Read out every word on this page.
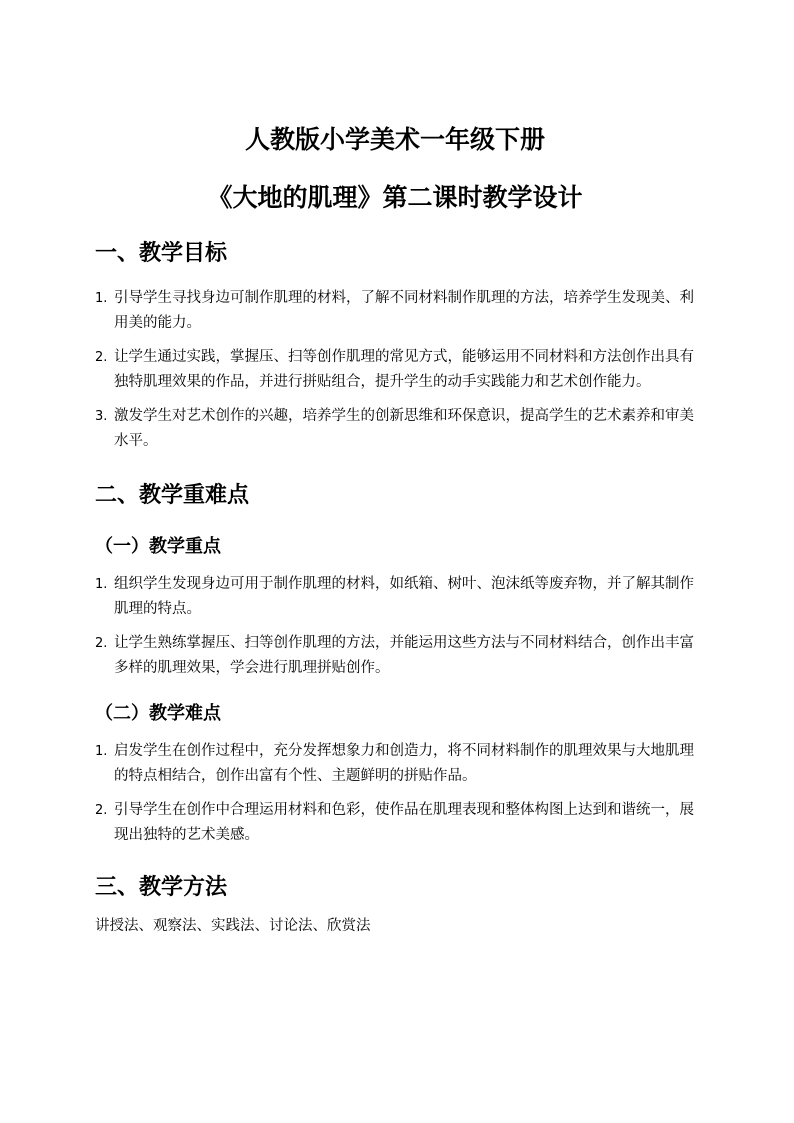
人教版小学美术一年级下册
《大地的肌理》第二课时教学设计
一、教学目标
1. 引导学生寻找身边可制作肌理的材料，了解不同材料制作肌理的方法，培养学生发现美、利用美的能力。
2. 让学生通过实践，掌握压、扫等创作肌理的常见方式，能够运用不同材料和方法创作出具有独特肌理效果的作品，并进行拼贴组合，提升学生的动手实践能力和艺术创作能力。
3. 激发学生对艺术创作的兴趣，培养学生的创新思维和环保意识，提高学生的艺术素养和审美水平。
二、教学重难点
（一）教学重点
1. 组织学生发现身边可用于制作肌理的材料，如纸箱、树叶、泡沫纸等废弃物，并了解其制作肌理的特点。
2. 让学生熟练掌握压、扫等创作肌理的方法，并能运用这些方法与不同材料结合，创作出丰富多样的肌理效果，学会进行肌理拼贴创作。
（二）教学难点
1. 启发学生在创作过程中，充分发挥想象力和创造力，将不同材料制作的肌理效果与大地肌理的特点相结合，创作出富有个性、主题鲜明的拼贴作品。
2. 引导学生在创作中合理运用材料和色彩，使作品在肌理表现和整体构图上达到和谐统一，展现出独特的艺术美感。
三、教学方法

讲授法、观察法、实践法、讨论法、欣赏法
